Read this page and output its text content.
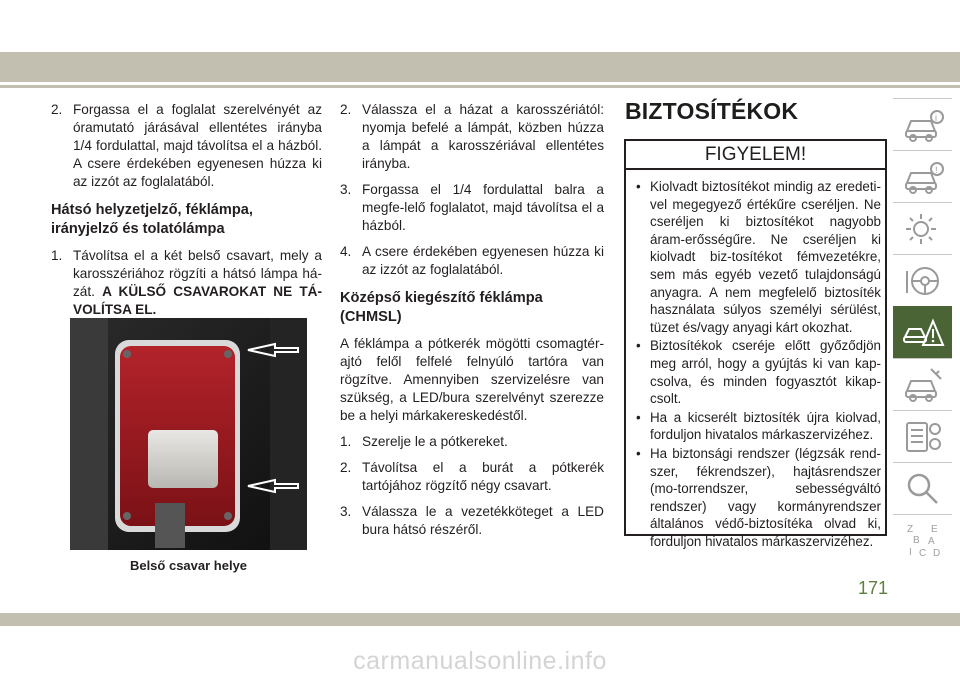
2. Forgassa el a foglalat szerelvényét az óramutató járásával ellentétes irányba 1/4 fordulattal, majd távolítsa el a házból. A csere érdekében egyenesen húzza ki az izzót az foglalatából.

Hátsó helyzetjelző, féklámpa, irányjelző és tolatólámpa

1. Távolítsa el a két belső csavart, mely a karosszériához rögzíti a hátsó lámpa há-zát. A KÜLSŐ CSAVAROKAT NE TÁ-VOLÍTSA EL.

Belső csavar helye

2. Válassza el a házat a karosszériától: nyomja befelé a lámpát, közben húzza a lámpát a karosszériával ellentétes irányba.

3. Forgassa el 1/4 fordulattal balra a megfe-lelő foglalatot, majd távolítsa el a házból.

4. A csere érdekében egyenesen húzza ki az izzót az foglalatából.

Középső kiegészítő féklámpa (CHMSL)

A féklámpa a pótkerék mögötti csomagtér-ajtó felől felfelé felnyúló tartóra van rögzítve. Amennyiben szervizelésre van szükség, a LED/bura szerelvényt szerezze be a helyi márkakereskedéstől.

1. Szerelje le a pótkereket.

2. Távolítsa el a burát a pótkerék tartójához rögzítő négy csavart.

3. Válassza le a vezetékköteget a LED bura hátsó részéről.

BIZTOSÍTÉKOK
FIGYELEM!

• Kiolvadt biztosítékot mindig az eredeti-vel megegyező értékűre cseréljen. Ne cseréljen ki biztosítékot nagyobb áram-erősségűre. Ne cseréljen ki kiolvadt biz-tosítékot fémvezetékre, sem más egyéb vezető tulajdonságú anyagra. A nem megfelelő biztosíték használata súlyos személyi sérülést, tüzet és/vagy anyagi kárt okozhat.

• Biztosítékok cseréje előtt győződjön meg arról, hogy a gyújtás ki van kap-csolva, és minden fogyasztót kikap-csolt.

• Ha a kicserélt biztosíték újra kiolvad, forduljon hivatalos márkaszervizéhez.

• Ha biztonsági rendszer (légzsák rend-szer, fékrendszer), hajtásrendszer (mo-torrendszer, sebességváltó rendszer) vagy kormányrendszer általános védő-biztosítéka olvad ki, forduljon hivatalos márkaszervizéhez.

i
!
Z E
B A
I C D
171
carmanualsonline.info
